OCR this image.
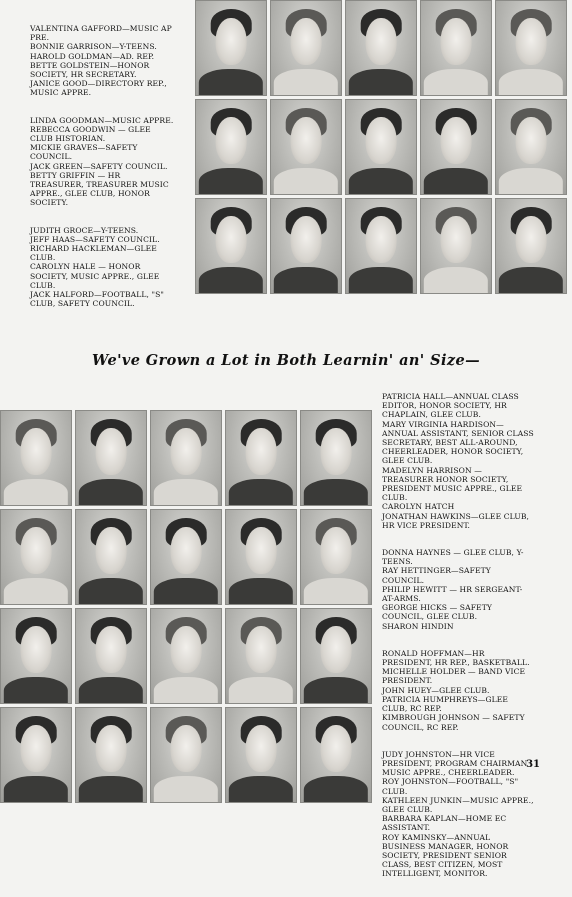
VALENTINA GAFFORD—MUSIC AP PRE.

BONNIE GARRISON—Y-TEENS.

HAROLD GOLDMAN—AD. REP.

BETTE GOLDSTEIN—HONOR SOCIETY, HR SECRETARY.

JANICE GOOD—DIRECTORY REP., MUSIC APPRE.

LINDA GOODMAN—MUSIC APPRE.

REBECCA GOODWIN — GLEE CLUB HISTORIAN.

MICKIE GRAVES—SAFETY COUNCIL.

JACK GREEN—SAFETY COUNCIL.

BETTY GRIFFIN — HR TREASURER, TREASURER MUSIC APPRE., GLEE CLUB, HONOR SOCIETY.

JUDITH GROCE—Y-TEENS.

JEFF HAAS—SAFETY COUNCIL.

RICHARD HACKLEMAN—GLEE CLUB.

CAROLYN HALE — HONOR SOCIETY, MUSIC APPRE., GLEE CLUB.

JACK HALFORD—FOOTBALL, "S" CLUB, SAFETY COUNCIL.

We've Grown a Lot in Both Learnin' an' Size—

PATRICIA HALL—ANNUAL CLASS EDITOR, HONOR SOCIETY, HR CHAPLAIN, GLEE CLUB.

MARY VIRGINIA HARDISON—ANNUAL ASSISTANT, SENIOR CLASS SECRETARY, BEST ALL-AROUND, CHEERLEADER, HONOR SOCIETY, GLEE CLUB.

MADELYN HARRISON — TREASURER HONOR SOCIETY, PRESIDENT MUSIC APPRE., GLEE CLUB.

CAROLYN HATCH

JONATHAN HAWKINS—GLEE CLUB, HR VICE PRESIDENT.

DONNA HAYNES — GLEE CLUB, Y-TEENS.

RAY HETTINGER—SAFETY COUNCIL.

PHILIP HEWITT — HR SERGEANT-AT-ARMS.

GEORGE HICKS — SAFETY COUNCIL, GLEE CLUB.

SHARON HINDIN

RONALD HOFFMAN—HR PRESIDENT, HR REP., BASKETBALL.

MICHELLE HOLDER — BAND VICE PRESIDENT.

JOHN HUEY—GLEE CLUB.

PATRICIA HUMPHREYS—GLEE CLUB, RC REP.

KIMBROUGH JOHNSON — SAFETY COUNCIL, RC REP.

JUDY JOHNSTON—HR VICE PRESIDENT, PROGRAM CHAIRMAN MUSIC APPRE., CHEERLEADER.

ROY JOHNSTON—FOOTBALL, "S" CLUB.

KATHLEEN JUNKIN—MUSIC APPRE., GLEE CLUB.

BARBARA KAPLAN—HOME EC ASSISTANT.

ROY KAMINSKY—ANNUAL BUSINESS MANAGER, HONOR SOCIETY, PRESIDENT SENIOR CLASS, BEST CITIZEN, MOST INTELLIGENT, MONITOR.

31
